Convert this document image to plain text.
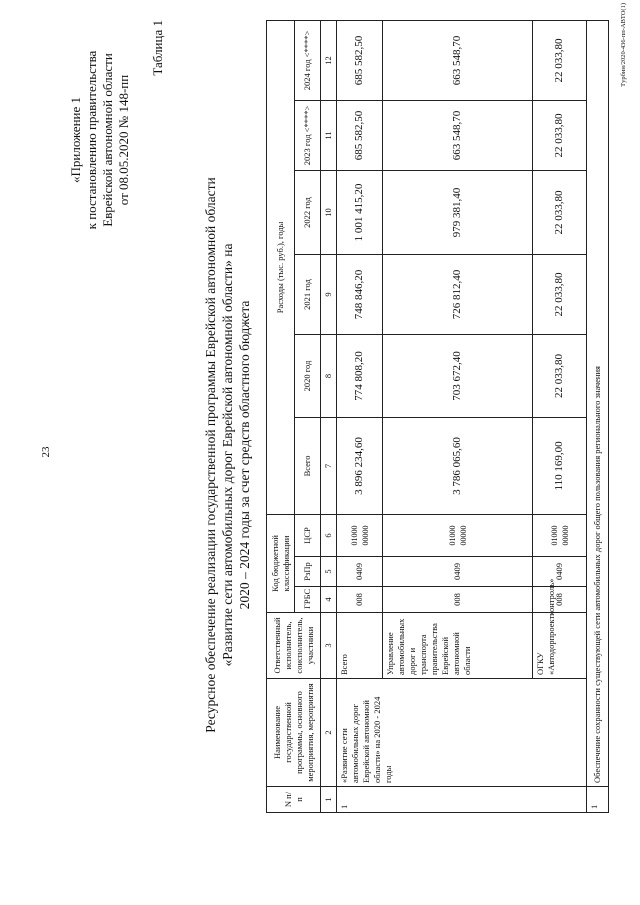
23
«Приложение 1 к постановлению правительства Еврейской автономной области от 08.05.2020 № 148-пп
Таблица 1
Ресурсное обеспечение реализации государственной программы Еврейской автономной области «Развитие сети автомобильных дорог Еврейской автономной области» на 2020 – 2024 годы за счет средств областного бюджета
N п/п	Наименование государственной программы, основного мероприятия, мероприятия	Ответственный исполнитель, соисполнитель, участники	Код бюджетной классификации			Расходы (тыс. руб.), годы					
			ГРБС	РзПр	ЦСР	Всего	2020 год	2021 год	2022 год	2023 год <****>	2024 год <****>
1	2	3	4	5	6	7	8	9	10	11	12
1	«Развитие сети автомобильных дорог Еврейской автономной области» на 2020 - 2024 годы	Всего	008	0409	01000 00000	3 896 234,60	774 808,20	748 846,20	1 001 415,20	685 582,50	685 582,50
		Управление автомобильных дорог и транспорта правительства Еврейской автономной области	008	0409	01000 00000	3 786 065,60	703 672,40	726 812,40	979 381,40	663 548,70	663 548,70
		ОГКУ «Автодорпроектконтроль»	008	0409	01000 00000	110 169,00	22 033,80	22 033,80	22 033,80	22 033,80	22 033,80
1	Обеспечение сохранности существующей сети автомобильных дорог общего пользования регионального значения										
Tурбин/2020-436-пп-АВТО(1)
